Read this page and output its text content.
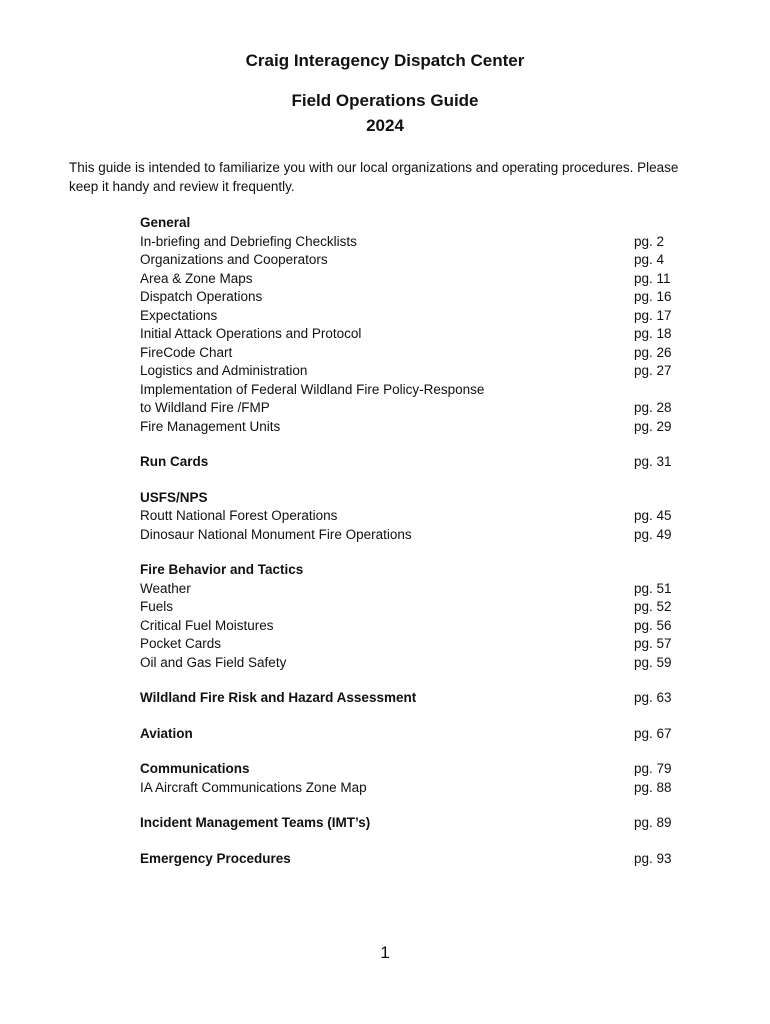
Craig Interagency Dispatch Center
Field Operations Guide
2024

This guide is intended to familiarize you with our local organizations and operating procedures. Please keep it handy and review it frequently.

General
In-briefing and Debriefing Checklists	pg. 2
Organizations and Cooperators	pg. 4
Area & Zone Maps	pg. 11
Dispatch Operations	pg. 16
Expectations	pg. 17
Initial Attack Operations and Protocol	pg. 18
FireCode Chart	pg. 26
Logistics and Administration	pg. 27
Implementation of Federal Wildland Fire Policy-Response
to Wildland Fire /FMP	pg. 28
Fire Management Units	pg. 29
Run Cards	pg. 31
USFS/NPS
Routt National Forest Operations	pg. 45
Dinosaur National Monument Fire Operations	pg. 49
Fire Behavior and Tactics
Weather	pg. 51
Fuels	pg. 52
Critical Fuel Moistures	pg. 56
Pocket Cards	pg. 57
Oil and Gas Field Safety	pg. 59
Wildland Fire Risk and Hazard Assessment	pg. 63
Aviation	pg. 67
Communications	pg. 79
IA Aircraft Communications Zone Map	pg. 88
Incident Management Teams (IMT’s)	pg. 89
Emergency Procedures	pg. 93
1
